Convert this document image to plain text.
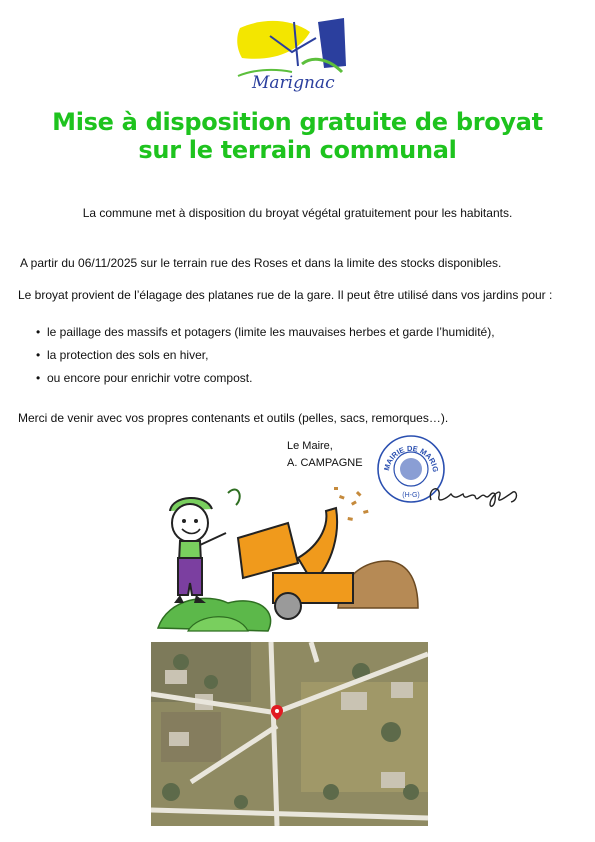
Marignac
Mise à disposition gratuite de broyat
sur le terrain communal
La commune met à disposition du broyat végétal gratuitement pour les habitants.
A partir du 06/11/2025 sur le terrain rue des Roses et dans la limite des stocks disponibles.
Le broyat provient de l’élagage des platanes rue de la gare. Il peut être utilisé dans vos jardins pour :
• le paillage des massifs et potagers (limite les mauvaises herbes et garde l’humidité),
• la protection des sols en hiver,
• ou encore pour enrichir votre compost.
Merci de venir avec vos propres contenants et outils (pelles, sacs, remorques…).
Le Maire,
A. CAMPAGNE	MAIRIE DE MARIG
(H-G)
